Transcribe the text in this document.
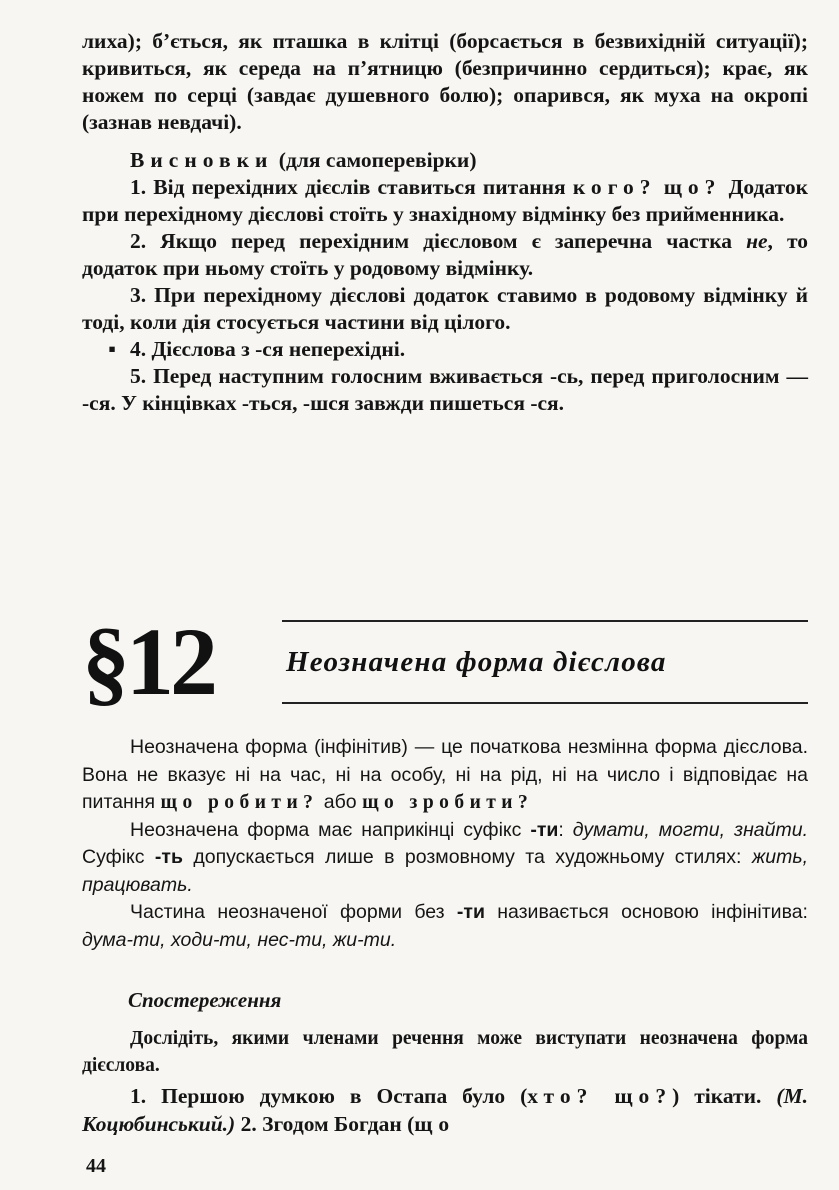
лиха); б’ється, як пташка в клітці (борсається в безвихідній ситуації); кривиться, як середа на п’ятницю (безпричинно сердиться); крає, як ножем по серці (завдає душевного болю); опарився, як муха на окропі (зазнав невдачі).

Висновки (для самоперевірки)

1. Від перехідних дієслів ставиться питання кого? що? Додаток при перехідному дієслові стоїть у знахідному відмінку без прийменника.

2. Якщо перед перехідним дієсловом є заперечна частка не, то додаток при ньому стоїть у родовому відмінку.

3. При перехідному дієслові додаток ставимо в родовому відмінку й тоді, коли дія стосується частини від цілого.

▪ 4. Дієслова з -ся неперехідні.

5. Перед наступним голосним вживається -сь, перед приголосним — -ся. У кінцівках -ться, -шся завжди пишеться -ся.

§12 Неозначена форма дієслова

Неозначена форма (інфінітив) — це початкова незмінна форма дієслова. Вона не вказує ні на час, ні на особу, ні на рід, ні на число і відповідає на питання що робити? або що зробити?

Неозначена форма має наприкінці суфікс -ти: думати, могти, знайти. Суфікс -ть допускається лише в розмовному та художньому стилях: жить, працювать.

Частина неозначеної форми без -ти називається основою інфінітива: дума-ти, ходи-ти, нес-ти, жи-ти.

Спостереження

Дослідіть, якими членами речення може виступати неозначена форма дієслова.

1. Першою думкою в Остапа було (хто? що?) тікати. (М. Коцюбинський.) 2. Згодом Богдан (що

44
